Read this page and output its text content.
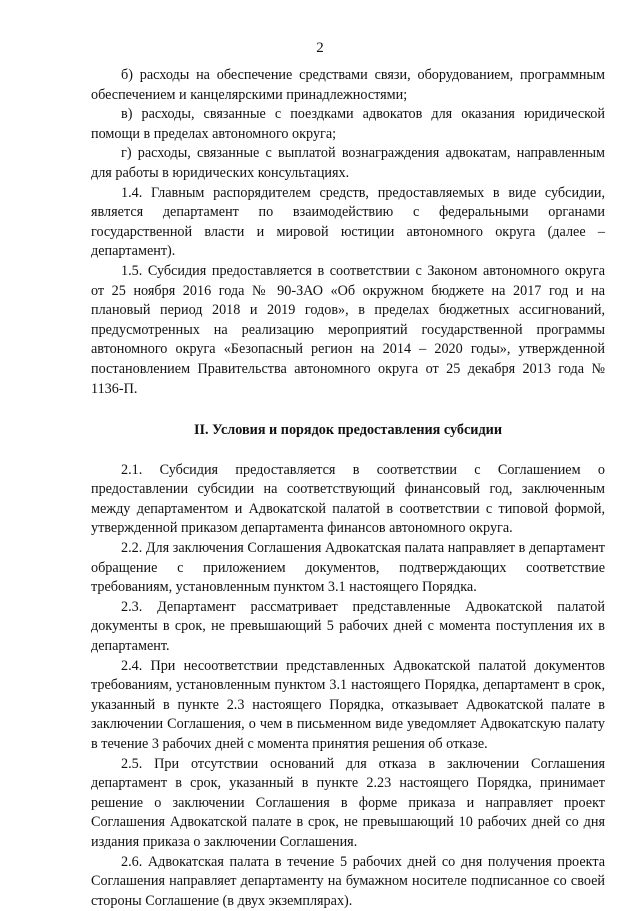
2

б) расходы на обеспечение средствами связи, оборудованием, программным обеспечением и канцелярскими принадлежностями;

в) расходы, связанные с поездками адвокатов для оказания юридической помощи в пределах автономного округа;

г) расходы, связанные с выплатой вознаграждения адвокатам, направленным для работы в юридических консультациях.

1.4. Главным распорядителем средств, предоставляемых в виде субсидии, является департамент по взаимодействию с федеральными органами государственной власти и мировой юстиции автономного округа (далее – департамент).

1.5. Субсидия предоставляется в соответствии с Законом автономного округа от 25 ноября 2016 года № 90-ЗАО «Об окружном бюджете на 2017 год и на плановый период 2018 и 2019 годов», в пределах бюджетных ассигнований, предусмотренных на реализацию мероприятий государственной программы автономного округа «Безопасный регион на 2014 – 2020 годы», утвержденной постановлением Правительства автономного округа от 25 декабря 2013 года № 1136-П.

II. Условия и порядок предоставления субсидии

2.1. Субсидия предоставляется в соответствии с Соглашением о предоставлении субсидии на соответствующий финансовый год, заключенным между департаментом и Адвокатской палатой в соответствии с типовой формой, утвержденной приказом департамента финансов автономного округа.

2.2. Для заключения Соглашения Адвокатская палата направляет в департамент обращение с приложением документов, подтверждающих соответствие требованиям, установленным пунктом 3.1 настоящего Порядка.

2.3. Департамент рассматривает представленные Адвокатской палатой документы в срок, не превышающий 5 рабочих дней с момента поступления их в департамент.

2.4. При несоответствии представленных Адвокатской палатой документов требованиям, установленным пунктом 3.1 настоящего Порядка, департамент в срок, указанный в пункте 2.3 настоящего Порядка, отказывает Адвокатской палате в заключении Соглашения, о чем в письменном виде уведомляет Адвокатскую палату в течение 3 рабочих дней с момента принятия решения об отказе.

2.5. При отсутствии оснований для отказа в заключении Соглашения департамент в срок, указанный в пункте 2.23 настоящего Порядка, принимает решение о заключении Соглашения в форме приказа и направляет проект Соглашения Адвокатской палате в срок, не превышающий 10 рабочих дней со дня издания приказа о заключении Соглашения.

2.6. Адвокатская палата в течение 5 рабочих дней со дня получения проекта Соглашения направляет департаменту на бумажном носителе подписанное со своей стороны Соглашение (в двух экземплярах).
